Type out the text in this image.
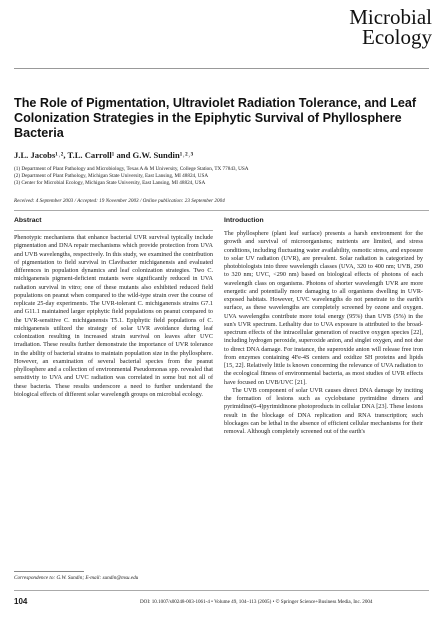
Microbial
Ecology
The Role of Pigmentation, Ultraviolet Radiation Tolerance, and Leaf Colonization Strategies in the Epiphytic Survival of Phyllosphere Bacteria
J.L. Jacobs¹˒², T.L. Carroll¹ and G.W. Sundin¹˒²˒³
(1) Department of Plant Pathology and Microbiology, Texas A & M University, College Station, TX 77843, USA
(2) Department of Plant Pathology, Michigan State University, East Lansing, MI 48824, USA
(3) Center for Microbial Ecology, Michigan State University, East Lansing, MI 48824, USA
Received: 4 September 2003 / Accepted: 19 November 2003 / Online publication: 23 September 2004
Abstract

Phenotypic mechanisms that enhance bacterial UVR survival typically include pigmentation and DNA repair mechanisms which provide protection from UVA and UVB wavelengths, respectively. In this study, we examined the contribution of pigmentation to field survival in Clavibacter michiganensis and evaluated differences in population dynamics and leaf colonization strategies. Two C. michiganensis pigment-deficient mutants were significantly reduced in UVA radiation survival in vitro; one of these mutants also exhibited reduced field populations on peanut when compared to the wild-type strain over the course of replicate 25-day experiments. The UVR-tolerant C. michiganensis strains G7.1 and G11.1 maintained larger epiphytic field populations on peanut compared to the UVR-sensitive C. michiganensis T5.1. Epiphytic field populations of C. michiganensis utilized the strategy of solar UVR avoidance during leaf colonization resulting in increased strain survival on leaves after UVC irradiation. These results further demonstrate the importance of UVR tolerance in the ability of bacterial strains to maintain population size in the phyllosphere. However, an examination of several bacterial species from the peanut phyllosphere and a collection of environmental Pseudomonas spp. revealed that sensitivity to UVA and UVC radiation was correlated in some but not all of these bacteria. These results underscore a need to further understand the biological effects of different solar wavelength groups on microbial ecology.

Introduction

The phyllosphere (plant leaf surface) presents a harsh environment for the growth and survival of microorganisms; nutrients are limited, and stress conditions, including fluctuating water availability, osmotic stress, and exposure to solar UV radiation (UVR), are prevalent. Solar radiation is categorized by photobiologists into three wavelength classes (UVA, 320 to 400 nm; UVB, 290 to 320 nm; UVC, <290 nm) based on biological effects of photons of each wavelength class on organisms. Photons of shorter wavelength UVR are more energetic and potentially more damaging to all organisms dwelling in UVR-exposed habitats. However, UVC wavelengths do not penetrate to the earth's surface, as these wavelengths are completely screened by ozone and oxygen. UVA wavelengths contribute more total energy (95%) than UVB (5%) in the sun's UVR spectrum. Lethality due to UVA exposure is attributed to the broad-spectrum effects of the intracellular generation of reactive oxygen species [22], including hydrogen peroxide, superoxide anion, and singlet oxygen, and not due to direct DNA damage. For instance, the superoxide anion will release free iron from enzymes containing 4Fe-4S centers and oxidize SH proteins and lipids [15, 22]. Relatively little is known concerning the relevance of UVA radiation to the ecological fitness of environmental bacteria, as most studies of UVR effects have focused on UVB/UVC [21].

The UVB component of solar UVR causes direct DNA damage by inciting the formation of lesions such as cyclobutane pyrimidine dimers and pyrimidine(6-4)pyrimidinone photoproducts in cellular DNA [23]. These lesions result in the blockage of DNA replication and RNA transcription; such blockages can be lethal in the absence of efficient cellular mechanisms for their removal. Although completely screened out of the earth's

Correspondence to: G.W. Sundin; E-mail: sundin@msu.edu
104	DOI: 10.1007/s00248-003-1061-4 • Volume 49, 104–113 (2005) • © Springer Science+Business Media, Inc. 2004
